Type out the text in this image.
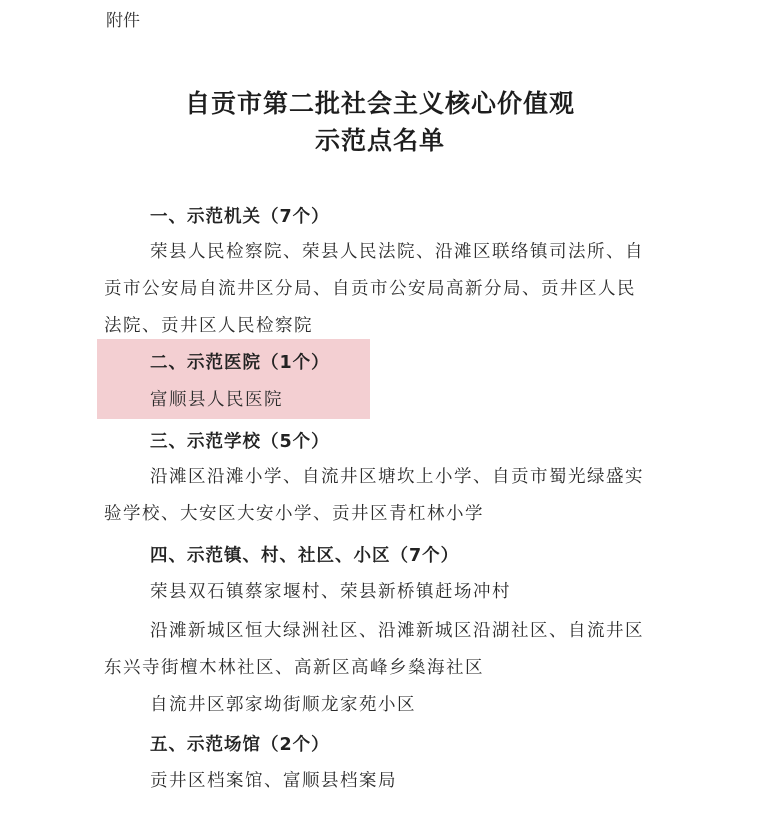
附件
自贡市第二批社会主义核心价值观
示范点名单
一、示范机关（7个）
荣县人民检察院、荣县人民法院、沿滩区联络镇司法所、自
贡市公安局自流井区分局、自贡市公安局高新分局、贡井区人民
法院、贡井区人民检察院
二、示范医院（1个）
富顺县人民医院
三、示范学校（5个）
沿滩区沿滩小学、自流井区塘坎上小学、自贡市蜀光绿盛实
验学校、大安区大安小学、贡井区青杠林小学
四、示范镇、村、社区、小区（7个）
荣县双石镇蔡家堰村、荣县新桥镇赶场冲村
沿滩新城区恒大绿洲社区、沿滩新城区沿湖社区、自流井区
东兴寺街檀木林社区、高新区高峰乡燊海社区
自流井区郭家坳街顺龙家苑小区
五、示范场馆（2个）
贡井区档案馆、富顺县档案局
